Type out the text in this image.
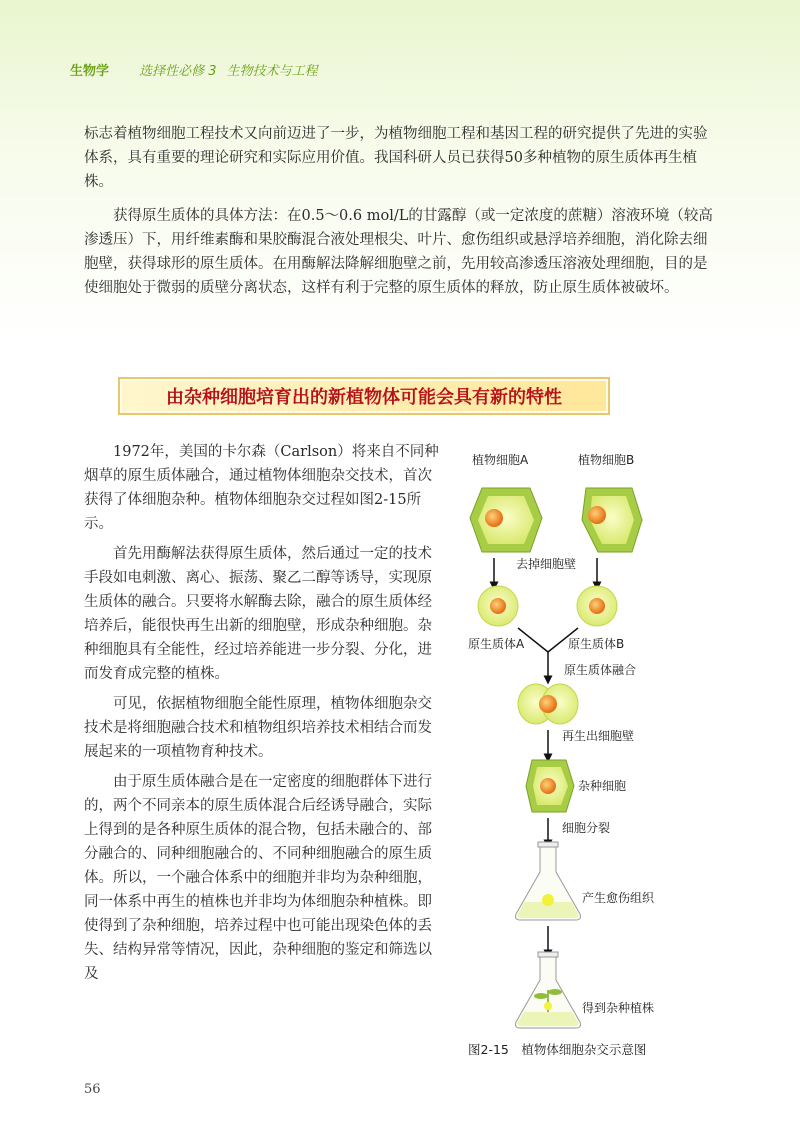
生物学 选择性必修 3 生物技术与工程

标志着植物细胞工程技术又向前迈进了一步，为植物细胞工程和基因工程的研究提供了先进的实验体系，具有重要的理论研究和实际应用价值。我国科研人员已获得50多种植物的原生质体再生植株。

获得原生质体的具体方法：在0.5～0.6 mol/L的甘露醇（或一定浓度的蔗糖）溶液环境（较高渗透压）下，用纤维素酶和果胶酶混合液处理根尖、叶片、愈伤组织或悬浮培养细胞，消化除去细胞壁，获得球形的原生质体。在用酶解法降解细胞壁之前，先用较高渗透压溶液处理细胞，目的是使细胞处于微弱的质壁分离状态，这样有利于完整的原生质体的释放，防止原生质体被破坏。

由杂种细胞培育出的新植物体可能会具有新的特性

1972年，美国的卡尔森（Carlson）将来自不同种烟草的原生质体融合，通过植物体细胞杂交技术，首次获得了体细胞杂种。植物体细胞杂交过程如图2-15所示。

首先用酶解法获得原生质体，然后通过一定的技术手段如电刺激、离心、振荡、聚乙二醇等诱导，实现原生质体的融合。只要将水解酶去除，融合的原生质体经培养后，能很快再生出新的细胞壁，形成杂种细胞。杂种细胞具有全能性，经过培养能进一步分裂、分化，进而发育成完整的植株。

可见，依据植物细胞全能性原理，植物体细胞杂交技术是将细胞融合技术和植物组织培养技术相结合而发展起来的一项植物育种技术。

由于原生质体融合是在一定密度的细胞群体下进行的，两个不同亲本的原生质体混合后经诱导融合，实际上得到的是各种原生质体的混合物，包括未融合的、部分融合的、同种细胞融合的、不同种细胞融合的原生质体。所以，一个融合体系中的细胞并非均为杂种细胞，同一体系中再生的植株也并非均为体细胞杂种植株。即使得到了杂种细胞，培养过程中也可能出现染色体的丢失、结构异常等情况，因此，杂种细胞的鉴定和筛选以及

植物细胞A	植物细胞B
去掉细胞壁
原生质体A	原生质体B
原生质体融合
再生出细胞壁
杂种细胞
细胞分裂
产生愈伤组织
得到杂种植株
图2-15　植物体细胞杂交示意图
56
